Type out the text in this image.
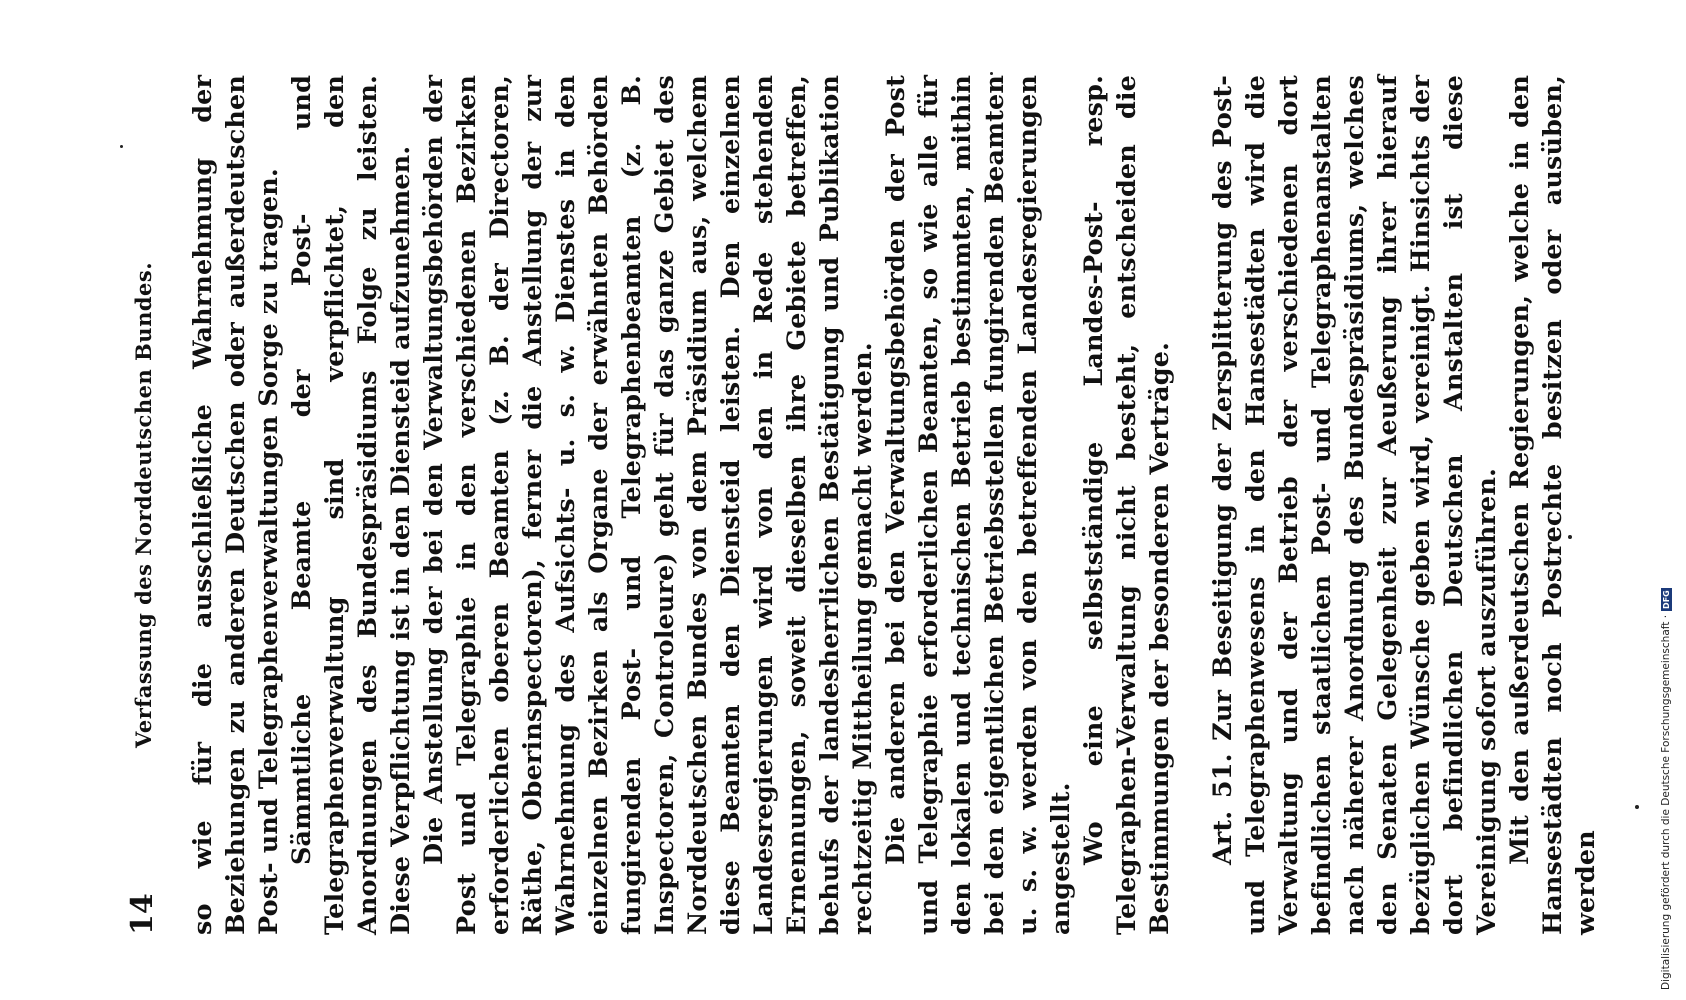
14
Verfassung des Norddeutschen Bundes. so wie für die ausschließliche Wahrnehmung der Beziehungen zu anderen Deutschen oder außerdeutschen Post- und Telegraphenverwaltungen Sorge zu tragen. Sämmtliche Beamte der Post- und Telegraphenverwaltung sind verpflichtet, den Anordnungen des Bundespräsidiums Folge zu leisten. Diese Verpflichtung ist in den Diensteid aufzunehmen. Die Anstellung der bei den Verwaltungsbehörden der Post und Telegraphie in den verschiedenen Bezirken erforderlichen oberen Beamten (z. B. der Directoren, Räthe, Oberinspectoren), ferner die Anstellung der zur Wahrnehmung des Aufsichts- u. s. w. Dienstes in den einzelnen Bezirken als Organe der erwähnten Behörden fungirenden Post- und Telegraphenbeamten (z. B. Inspectoren, Controleure) geht für das ganze Gebiet des Norddeutschen Bundes von dem Präsidium aus, welchem diese Beamten den Diensteid leisten. Den einzelnen Landesregierungen wird von den in Rede stehenden Ernennungen, soweit dieselben ihre Gebiete betreffen, behufs der landesherrlichen Bestätigung und Publikation rechtzeitig Mittheilung gemacht werden. Die anderen bei den Verwaltungsbehörden der Post und Telegraphie erforderlichen Beamten, so wie alle für den lokalen und technischen Betrieb bestimmten, mithin bei den eigentlichen Betriebsstellen fungirenden Beamten u. s. w. werden von den betreffenden Landesregierungen angestellt. Wo eine selbstständige Landes-Post- resp. Telegraphen-Verwaltung nicht besteht, entscheiden die Bestimmungen der besonderen Verträge. Art. 51. Zur Beseitigung der Zersplitterung des Post- und Telegraphenwesens in den Hansestädten wird die Verwaltung und der Betrieb der verschiedenen dort befindlichen staatlichen Post- und Telegraphenanstalten nach näherer Anordnung des Bundespräsidiums, welches den Senaten Gelegenheit zur Aeußerung ihrer hierauf bezüglichen Wünsche geben wird, vereinigt. Hinsichts der dort befindlichen Deutschen Anstalten ist diese Vereinigung sofort auszuführen. Mit den außerdeutschen Regierungen, welche in den Hansestädten noch Postrechte besitzen oder ausüben, werden	Digitalisierung gefördert durch die Deutsche Forschungsgemeinschaft ·
DFG
